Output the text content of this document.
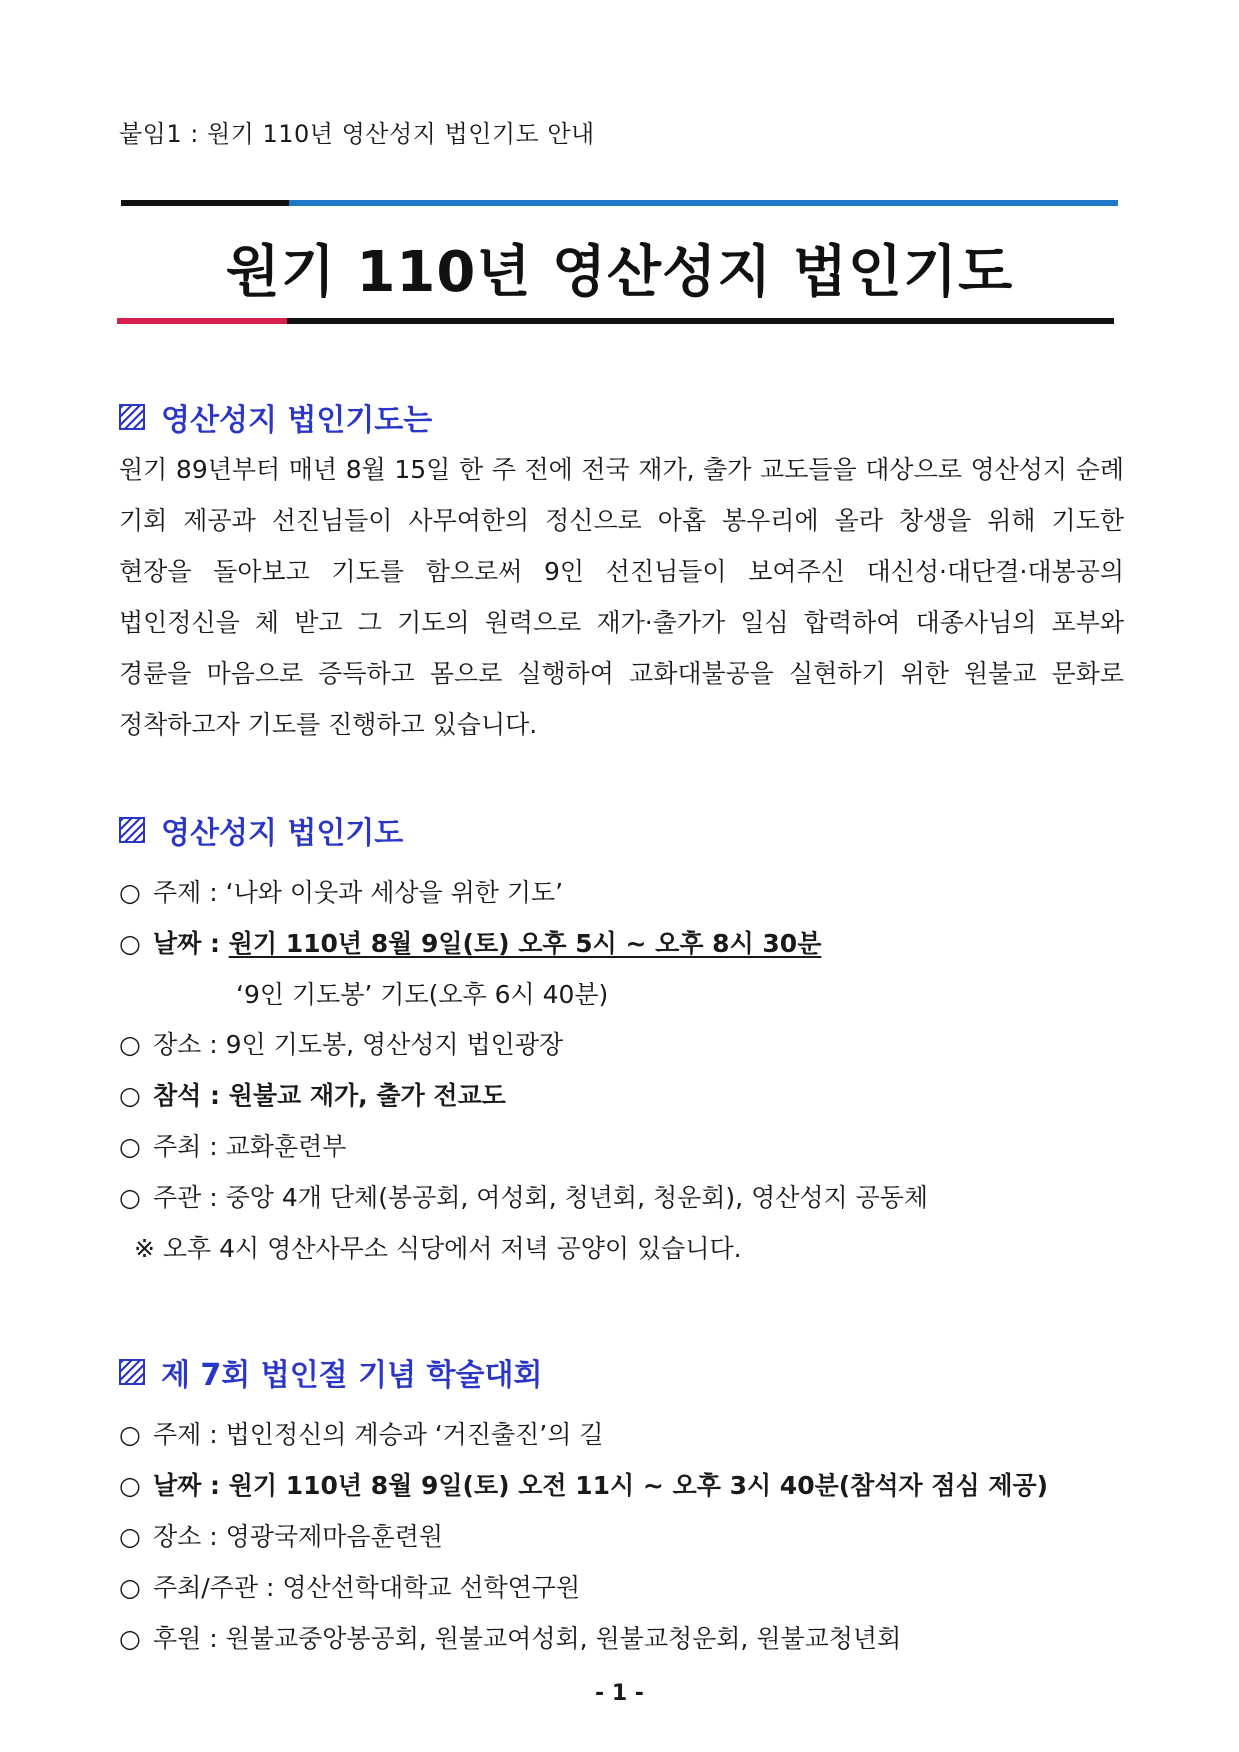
붙임1 : 원기 110년 영산성지 법인기도 안내
원기 110년 영산성지 법인기도
영산성지 법인기도는
원기 89년부터 매년 8월 15일 한 주 전에 전국 재가, 출가 교도들을 대상으로 영산성지 순례 기회 제공과 선진님들이 사무여한의 정신으로 아홉 봉우리에 올라 창생을 위해 기도한 현장을 돌아보고 기도를 함으로써 9인 선진님들이 보여주신 대신성·대단결·대봉공의 법인정신을 체 받고 그 기도의 원력으로 재가·출가가 일심 합력하여 대종사님의 포부와 경륜을 마음으로 증득하고 몸으로 실행하여 교화대불공을 실현하기 위한 원불교 문화로 정착하고자 기도를 진행하고 있습니다.
영산성지 법인기도
○ 주제 : ‘나와 이웃과 세상을 위한 기도’
○ 날짜 : 원기 110년 8월 9일(토) 오후 5시 ~ 오후 8시 30분
‘9인 기도봉’ 기도(오후 6시 40분)
○ 장소 : 9인 기도봉, 영산성지 법인광장
○ 참석 : 원불교 재가, 출가 전교도
○ 주최 : 교화훈련부
○ 주관 : 중앙 4개 단체(봉공회, 여성회, 청년회, 청운회), 영산성지 공동체
※ 오후 4시 영산사무소 식당에서 저녁 공양이 있습니다.
제 7회 법인절 기념 학술대회
○ 주제 : 법인정신의 계승과 ‘거진출진’의 길
○ 날짜 : 원기 110년 8월 9일(토) 오전 11시 ~ 오후 3시 40분(참석자 점심 제공)
○ 장소 : 영광국제마음훈련원
○ 주최/주관 : 영산선학대학교 선학연구원
○ 후원 : 원불교중앙봉공회, 원불교여성회, 원불교청운회, 원불교청년회
- 1 -
